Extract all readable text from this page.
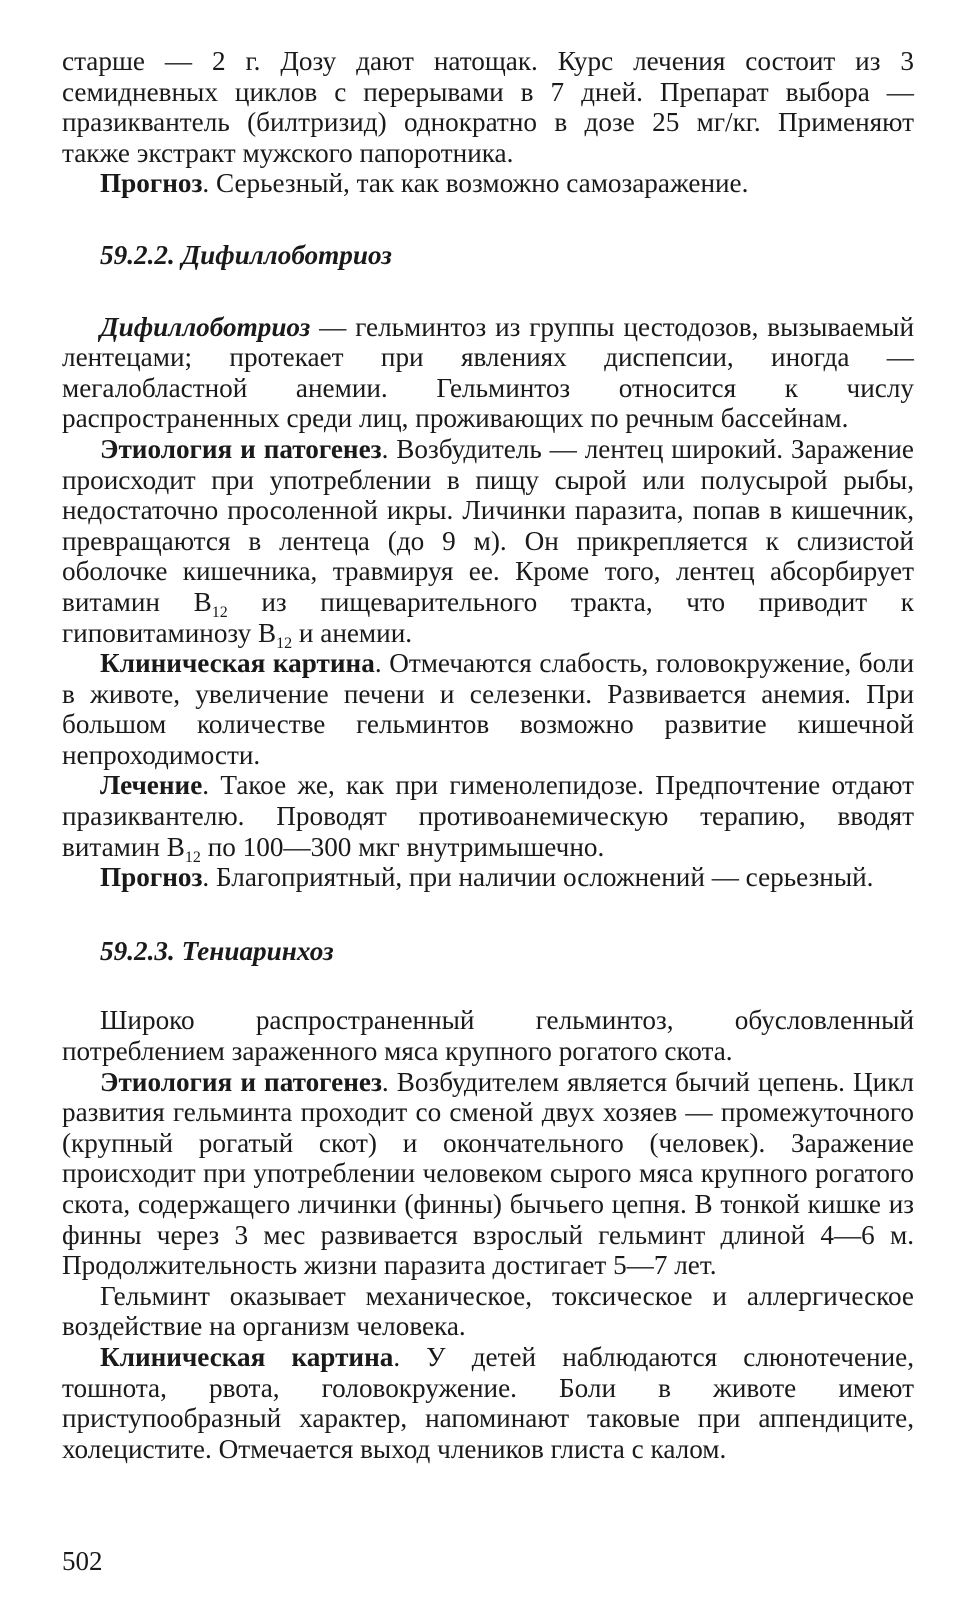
старше — 2 г. Дозу дают натощак. Курс лечения состоит из 3 семидневных циклов с перерывами в 7 дней. Препарат выбора — празиквантель (билтризид) однократно в дозе 25 мг/кг. Применяют также экстракт мужского папоротника.

Прогноз. Серьезный, так как возможно самозаражение.

59.2.2. Дифиллоботриоз

Дифиллоботриоз — гельминтоз из группы цестодозов, вызываемый лентецами; протекает при явлениях диспепсии, иногда — мегалобластной анемии. Гельминтоз относится к числу распространенных среди лиц, проживающих по речным бассейнам.

Этиология и патогенез. Возбудитель — лентец широкий. Заражение происходит при употреблении в пищу сырой или полусырой рыбы, недостаточно просоленной икры. Личинки паразита, попав в кишечник, превращаются в лентеца (до 9 м). Он прикрепляется к слизистой оболочке кишечника, травмируя ее. Кроме того, лентец абсорбирует витамин $B_{12}$ из пищеварительного тракта, что приводит к гиповитаминозу $B_{12}$ и анемии.

Клиническая картина. Отмечаются слабость, головокружение, боли в животе, увеличение печени и селезенки. Развивается анемия. При большом количестве гельминтов возможно развитие кишечной непроходимости.

Лечение. Такое же, как при гименолепидозе. Предпочтение отдают празиквантелю. Проводят противоанемическую терапию, вводят витамин $B_{12}$ по 100—300 мкг внутримышечно.

Прогноз. Благоприятный, при наличии осложнений — серьезный.

59.2.3. Тениаринхоз

Широко распространенный гельминтоз, обусловленный потреблением зараженного мяса крупного рогатого скота.

Этиология и патогенез. Возбудителем является бычий цепень. Цикл развития гельминта проходит со сменой двух хозяев — промежуточного (крупный рогатый скот) и окончательного (человек). Заражение происходит при употреблении человеком сырого мяса крупного рогатого скота, содержащего личинки (финны) бычьего цепня. В тонкой кишке из финны через 3 мес развивается взрослый гельминт длиной 4—6 м. Продолжительность жизни паразита достигает 5—7 лет.

Гельминт оказывает механическое, токсическое и аллергическое воздействие на организм человека.

Клиническая картина. У детей наблюдаются слюнотечение, тошнота, рвота, головокружение. Боли в животе имеют приступообразный характер, напоминают таковые при аппендиците, холецистите. Отмечается выход члеников глиста с калом.

502
